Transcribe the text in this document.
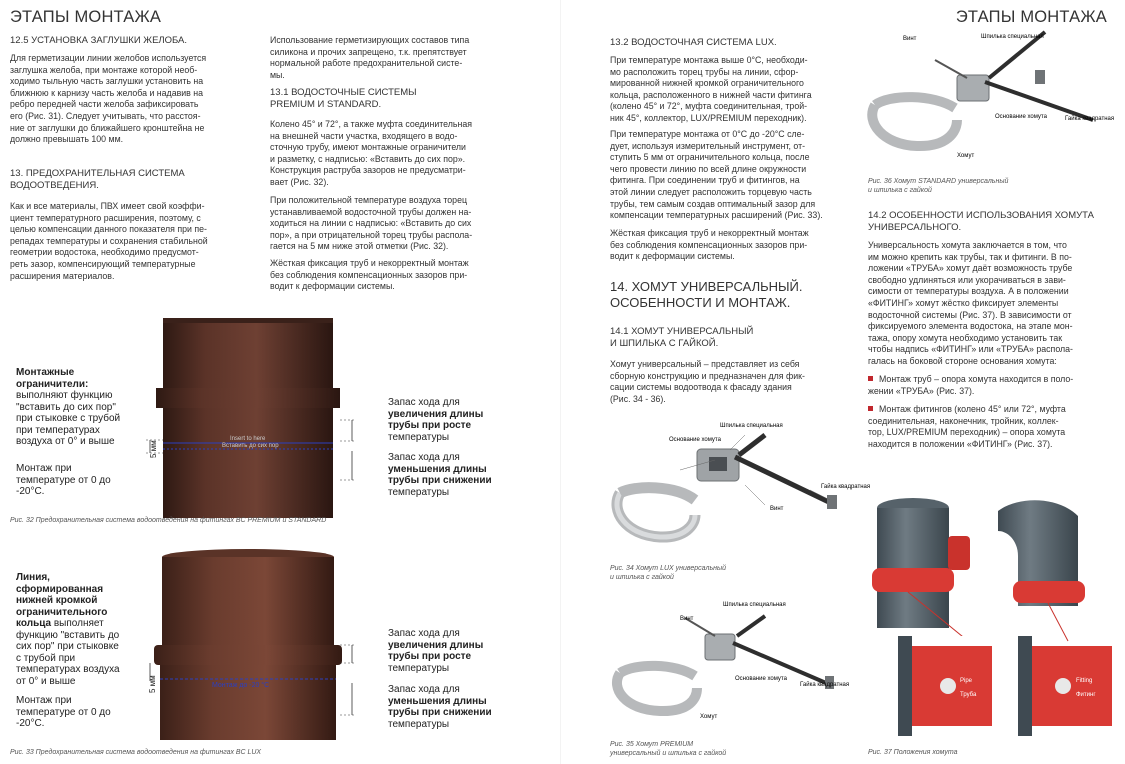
ЭТАПЫ МОНТАЖА
12.5 УСТАНОВКА ЗАГЛУШКИ ЖЕЛОБА.
Для герметизации линии желобов используется
заглушка желоба, при монтаже которой необ-
ходимо тыльную часть заглушки установить на
ближнюю к карнизу часть желоба и надавив на
ребро передней части желоба зафиксировать
его (Рис. 31). Следует учитывать, что расстоя-
ние от заглушки до ближайшего кронштейна не
должно превышать 100 мм.
13. ПРЕДОХРАНИТЕЛЬНАЯ СИСТЕМА
ВОДООТВЕДЕНИЯ.
Как и все материалы, ПВХ имеет свой коэффи-
циент температурного расширения, поэтому, с
целью компенсации данного показателя при пе-
репадах температуры и сохранения стабильной
геометрии водостока, необходимо предусмот-
реть зазор, компенсирующий температурные
расширения материалов.
Использование герметизирующих составов типа
силикона и прочих запрещено, т.к. препятствует
нормальной работе предохранительной систе-
мы.
13.1 ВОДОСТОЧНЫЕ СИСТЕМЫ
PREMIUM И STANDARD.
Колено 45° и 72°, а также муфта соединительная
на внешней части участка, входящего в водо-
сточную трубу, имеют монтажные ограничители
и разметку, с надписью: «Вставить до сих пор».
Конструкция раструба зазоров не предусматри-
вает (Рис. 32).
При положительной температуре воздуха торец
устанавливаемой водосточной трубы должен на-
ходиться на линии с надписью: «Вставить до сих
пор», а при отрицательной торец трубы располa-
гается на 5 мм ниже этой отметки (Рис. 32).
Жёсткая фиксация труб и некорректный монтаж
без соблюдения компенсационных зазоров при-
водит к деформации системы.
Insert to here
Вставить до сих пор
5 мм
Монтажные
ограничители:
выполняют функцию
"вставить до сих пор"
при стыковке с трубой
при температурах
воздуха от 0° и выше
Монтаж при
температуре от 0 до
-20°С.
Запас хода для
увеличения длины
трубы при росте
температуры
Запас хода для
уменьшения длины
трубы при снижении
температуры
Рис. 32 Предохранительная система водоотведения на фитингах ВС PREMIUM и STANDARD
Монтаж до -20 °С
5 мм
Линия,
сформированная
нижней кромкой
ограничительного
кольца выполняет
функцию "вставить до
сих пор" при стыковке
с трубой при
температурах воздуха
от 0° и выше
Монтаж при
температуре от 0 до
-20°С.
Запас хода для
увеличения длины
трубы при росте
температуры
Запас хода для
уменьшения длины
трубы при снижении
температуры
Рис. 33 Предохранительная система водоотведения на фитингах ВС LUX
ЭТАПЫ МОНТАЖА
13.2 ВОДОСТОЧНАЯ СИСТЕМА LUX.
При температуре монтажа выше 0°С, необходи-
мо расположить торец трубы на линии, сфор-
мированной нижней кромкой ограничительного
кольца, расположенного в нижней части фитинга
(колено 45° и 72°, муфта соединительная, трой-
ник 45°, коллектор, LUX/PREMIUM переходник).
При температуре монтажа от 0°С до -20°С сле-
дует, используя измерительный инструмент, от-
ступить 5 мм от ограничительного кольца, после
чего провести линию по всей длине окружности
фитинга. При соединении труб и фитингов, на
этой линии следует расположить торцевую часть
трубы, тем самым создав оптимальный зазор для
компенсации температурных расширений (Рис. 33).
Жёсткая фиксация труб и некорректный монтаж
без соблюдения компенсационных зазоров при-
водит к деформации системы.
14. ХОМУТ УНИВЕРСАЛЬНЫЙ.
ОСОБЕННОСТИ И МОНТАЖ.
14.1 ХОМУТ УНИВЕРСАЛЬНЫЙ
И ШПИЛЬКА С ГАЙКОЙ.
Хомут универсальный – представляет из себя
сборную конструкцию и предназначен для фик-
сации системы водоотвода к фасаду здания
(Рис. 34 - 36).
Основание хомута
Шпилька специальная
Гайка квадратная
Винт
Рис. 34 Хомут LUX универсальный
и шпилька с гайкой
Винт
Шпилька специальная
Основание хомута
Гайка квадратная
Хомут
Рис. 35 Хомут PREMIUM
универсальный и шпилька с гайкой
Винт	Шпилька специальная
Основание хомута	Гайка квадратная
Хомут
Рис. 36 Хомут STANDARD универсальный
и шпилька с гайкой
14.2 ОСОБЕННОСТИ ИСПОЛЬЗОВАНИЯ ХОМУТА
УНИВЕРСАЛЬНОГО.
Универсальность хомута заключается в том, что
им можно крепить как трубы, так и фитинги. В по-
ложении «ТРУБА» хомут даёт возможность трубе
свободно удлиняться или укорачиваться в зави-
симости от температуры воздуха. А в положении
«ФИТИНГ» хомут жёстко фиксирует элементы
водосточной системы (Рис. 37). В зависимости от
фиксируемого элемента водостока, на этапе мон-
тажа, опору хомута необходимо установить так
чтобы надпись «ФИТИНГ» или «ТРУБА» распола-
галась на боковой стороне основания хомута:
Монтаж труб – опора хомута находится в поло-
жении «ТРУБА» (Рис. 37).
Монтаж фитингов (колено 45° или 72°, муфта
соединительная, наконечник, тройник, коллек-
тор, LUX/PREMIUM переходник) – опора хомута
находится в положении «ФИТИНГ» (Рис. 37).
Pipe
Труба
Fitting
Фитинг
Рис. 37 Положения хомута
